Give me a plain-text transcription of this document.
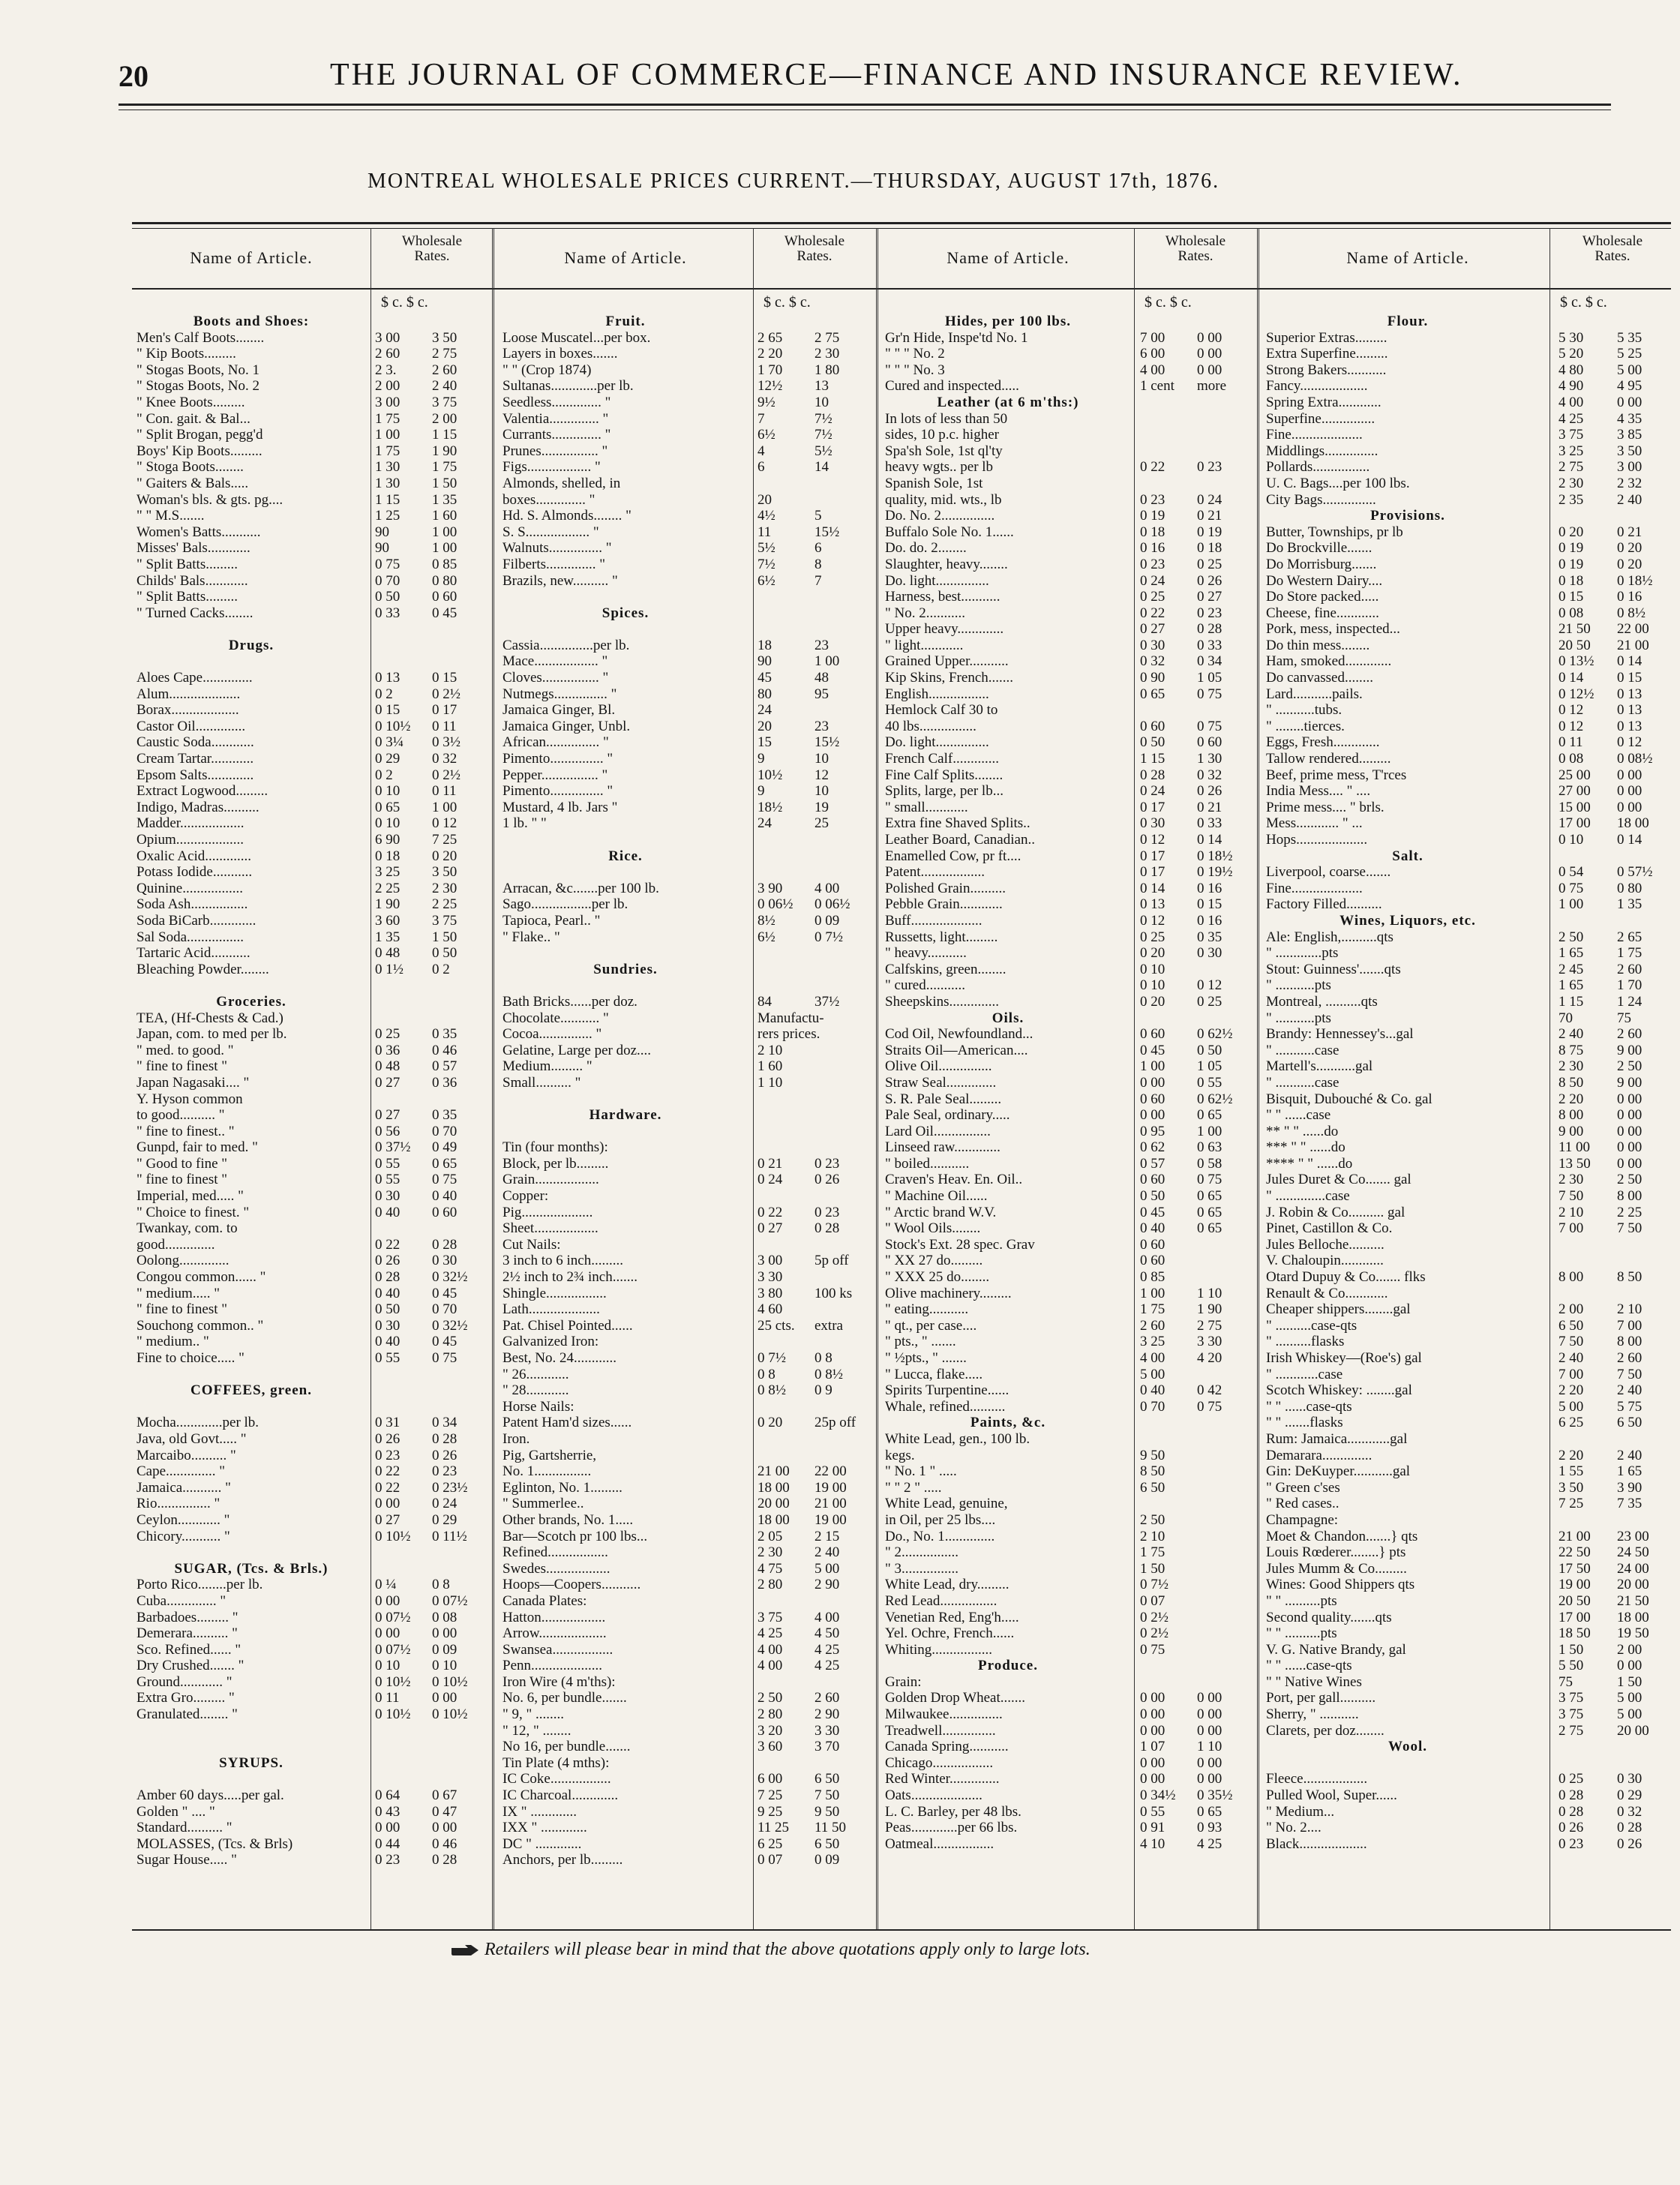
20	THE JOURNAL OF COMMERCE—FINANCE AND INSURANCE REVIEW.
MONTREAL WHOLESALE PRICES CURRENT.—THURSDAY, AUGUST 17th, 1876.
Name of Article.
Wholesale
Rates.
$ c. $ c.
Boots and Shoes:
Men's Calf Boots........	3 00	3 50
" Kip Boots.........	2 60	2 75
" Stogas Boots, No. 1	2 3.	2 60
" Stogas Boots, No. 2	2 00	2 40
" Knee Boots.........	3 00	3 75
" Con. gait. & Bal...	1 75	2 00
" Split Brogan, pegg'd	1 00	1 15
Boys' Kip Boots.........	1 75	1 90
" Stoga Boots........	1 30	1 75
" Gaiters & Bals.....	1 30	1 50
Woman's bls. & gts. pg....	1 15	1 35
" " M.S.......	1 25	1 60
Women's Batts...........	90	1 00
Misses' Bals............	90	1 00
" Split Batts.........	0 75	0 85
Childs' Bals............	0 70	0 80
" Split Batts.........	0 50	0 60
" Turned Cacks........	0 33	0 45
Drugs.
Aloes Cape..............	0 13	0 15
Alum....................	0 2	0 2½
Borax...................	0 15	0 17
Castor Oil..............	0 10½	0 11
Caustic Soda............	0 3¼	0 3½
Cream Tartar............	0 29	0 32
Epsom Salts.............	0 2	0 2½
Extract Logwood.........	0 10	0 11
Indigo, Madras..........	0 65	1 00
Madder..................	0 10	0 12
Opium...................	6 90	7 25
Oxalic Acid.............	0 18	0 20
Potass Iodide...........	3 25	3 50
Quinine.................	2 25	2 30
Soda Ash................	1 90	2 25
Soda BiCarb.............	3 60	3 75
Sal Soda................	1 35	1 50
Tartaric Acid...........	0 48	0 50
Bleaching Powder........	0 1½	0 2
Groceries.
TEA, (Hf-Chests & Cad.)
Japan, com. to med per lb.	0 25	0 35
" med. to good. "	0 36	0 46
" fine to finest "	0 48	0 57
Japan Nagasaki.... "	0 27	0 36
Y. Hyson common
to good.......... "	0 27	0 35
" fine to finest.. "	0 56	0 70
Gunpd, fair to med. "	0 37½	0 49
" Good to fine "	0 55	0 65
" fine to finest "	0 55	0 75
Imperial, med..... "	0 30	0 40
" Choice to finest. "	0 40	0 60
Twankay, com. to
good..............	0 22	0 28
Oolong..............	0 26	0 30
Congou common...... "	0 28	0 32½
" medium..... "	0 40	0 45
" fine to finest "	0 50	0 70
Souchong common.. "	0 30	0 32½
" medium.. "	0 40	0 45
Fine to choice..... "	0 55	0 75
COFFEES, green.
Mocha.............per lb.	0 31	0 34
Java, old Govt..... "	0 26	0 28
Marcaibo.......... "	0 23	0 26
Cape.............. "	0 22	0 23
Jamaica........... "	0 22	0 23½
Rio............... "	0 00	0 24
Ceylon............ "	0 27	0 29
Chicory........... "	0 10½	0 11½
SUGAR, (Tcs. & Brls.)
Porto Rico........per lb.	0 ¼	0 8
Cuba.............. "	0 00	0 07½
Barbadoes......... "	0 07½	0 08
Demerara.......... "	0 00	0 00
Sco. Refined...... "	0 07½	0 09
Dry Crushed....... "	0 10	0 10
Ground............ "	0 10½	0 10½
Extra Gro......... "	0 11	0 00
Granulated........ "	0 10½	0 10½
SYRUPS.
Amber 60 days.....per gal.	0 64	0 67
Golden " .... "	0 43	0 47
Standard.......... "	0 00	0 00
MOLASSES, (Tcs. & Brls)	0 44	0 46
Sugar House..... "	0 23	0 28
Name of Article.
Wholesale
Rates.
$ c. $ c.
Fruit.
Loose Muscatel...per box.	2 65	2 75
Layers in boxes.......	2 20	2 30
" " (Crop 1874)	1 70	1 80
Sultanas.............per lb.	12½	13
Seedless.............. "	9½	10
Valentia.............. "	7	7½
Currants.............. "	6½	7½
Prunes................ "	4	5½
Figs.................. "	6	14
Almonds, shelled, in
boxes.............. "	20
Hd. S. Almonds........ "	4½	5
S. S.................. "	11	15½
Walnuts............... "	5½	6
Filberts.............. "	7½	8
Brazils, new.......... "	6½	7
Spices.
Cassia...............per lb.	18	23
Mace.................. "	90	1 00
Cloves................ "	45	48
Nutmegs............... "	80	95
Jamaica Ginger, Bl.	24
Jamaica Ginger, Unbl.	20	23
African............... "	15	15½
Pimento............... "	9	10
Pepper................ "	10½	12
Pimento............... "	9	10
Mustard, 4 lb. Jars "	18½	19
1 lb. " "	24	25
Rice.
Arracan, &c.......per 100 lb.	3 90	4 00
Sago.................per lb.	0 06½	0 06½
Tapioca, Pearl.. "	8½	0 09
" Flake.. "	6½	0 7½
Sundries.
Bath Bricks......per doz.	84	37½
Chocolate........... "	Manufactu-
Cocoa............... "	rers prices.
Gelatine, Large per doz....	2 10
Medium......... "	1 60
Small.......... "	1 10
Hardware.
Tin (four months):
Block, per lb.........	0 21	0 23
Grain..................	0 24	0 26
Copper:
Pig....................	0 22	0 23
Sheet..................	0 27	0 28
Cut Nails:
3 inch to 6 inch.........	3 00	5p off
2½ inch to 2¾ inch.......	3 30
Shingle.................	3 80	100 ks
Lath....................	4 60
Pat. Chisel Pointed......	25 cts.	extra
Galvanized Iron:
Best, No. 24............	0 7½	0 8
" 26............	0 8	0 8½
" 28............	0 8½	0 9
Horse Nails:
Patent Ham'd sizes......	0 20	25p off
Iron.
Pig, Gartsherrie,
No. 1................	21 00	22 00
Eglinton, No. 1.........	18 00	19 00
" Summerlee..	20 00	21 00
Other brands, No. 1.....	18 00	19 00
Bar—Scotch pr 100 lbs...	2 05	2 15
Refined.................	2 30	2 40
Swedes..................	4 75	5 00
Hoops—Coopers...........	2 80	2 90
Canada Plates:
Hatton..................	3 75	4 00
Arrow...................	4 25	4 50
Swansea.................	4 00	4 25
Penn....................	4 00	4 25
Iron Wire (4 m'ths):
No. 6, per bundle.......	2 50	2 60
" 9, " ........	2 80	2 90
" 12, " ........	3 20	3 30
No 16, per bundle.......	3 60	3 70
Tin Plate (4 mths):
IC Coke.................	6 00	6 50
IC Charcoal.............	7 25	7 50
IX " .............	9 25	9 50
IXX " .............	11 25	11 50
DC " .............	6 25	6 50
Anchors, per lb.........	0 07	0 09
Name of Article.
Wholesale
Rates.
$ c. $ c.
Hides, per 100 lbs.
Gr'n Hide, Inspe'td No. 1	7 00	0 00
" " " No. 2	6 00	0 00
" " " No. 3	4 00	0 00
Cured and inspected.....	1 cent	more
Leather (at 6 m'ths:)
In lots of less than 50
sides, 10 p.c. higher
Spa'sh Sole, 1st ql'ty
heavy wgts.. per lb	0 22	0 23
Spanish Sole, 1st
quality, mid. wts., lb	0 23	0 24
Do. No. 2...............	0 19	0 21
Buffalo Sole No. 1......	0 18	0 19
Do. do. 2........	0 16	0 18
Slaughter, heavy........	0 23	0 25
Do. light...............	0 24	0 26
Harness, best...........	0 25	0 27
" No. 2...........	0 22	0 23
Upper heavy.............	0 27	0 28
" light............	0 30	0 33
Grained Upper...........	0 32	0 34
Kip Skins, French.......	0 90	1 05
English.................	0 65	0 75
Hemlock Calf 30 to
40 lbs................	0 60	0 75
Do. light...............	0 50	0 60
French Calf.............	1 15	1 30
Fine Calf Splits........	0 28	0 32
Splits, large, per lb...	0 24	0 26
" small............	0 17	0 21
Extra fine Shaved Splits..	0 30	0 33
Leather Board, Canadian..	0 12	0 14
Enamelled Cow, pr ft....	0 17	0 18½
Patent..................	0 17	0 19½
Polished Grain..........	0 14	0 16
Pebble Grain............	0 13	0 15
Buff....................	0 12	0 16
Russetts, light.........	0 25	0 35
" heavy...........	0 20	0 30
Calfskins, green........	0 10
" cured...........	0 10	0 12
Sheepskins..............	0 20	0 25
Oils.
Cod Oil, Newfoundland...	0 60	0 62½
Straits Oil—American....	0 45	0 50
Olive Oil...............	1 00	1 05
Straw Seal..............	0 00	0 55
S. R. Pale Seal.........	0 60	0 62½
Pale Seal, ordinary.....	0 00	0 65
Lard Oil................	0 95	1 00
Linseed raw.............	0 62	0 63
" boiled...........	0 57	0 58
Craven's Heav. En. Oil..	0 60	0 75
" Machine Oil......	0 50	0 65
" Arctic brand W.V.	0 45	0 65
" Wool Oils........	0 40	0 65
Stock's Ext. 28 spec. Grav	0 60
" XX 27 do.........	0 60
" XXX 25 do........	0 85
Olive machinery.........	1 00	1 10
" eating...........	1 75	1 90
" qt., per case....	2 60	2 75
" pts., " .......	3 25	3 30
" ½pts., " .......	4 00	4 20
" Lucca, flake.....	5 00
Spirits Turpentine......	0 40	0 42
Whale, refined..........	0 70	0 75
Paints, &c.
White Lead, gen., 100 lb.
kegs.	9 50
" No. 1 " .....	8 50
" " 2 " .....	6 50
White Lead, genuine,
in Oil, per 25 lbs....	2 50
Do., No. 1..............	2 10
" 2................	1 75
" 3................	1 50
White Lead, dry.........	0 7½
Red Lead................	0 07
Venetian Red, Eng'h.....	0 2½
Yel. Ochre, French......	0 2½
Whiting.................	0 75
Produce.
Grain:
Golden Drop Wheat.......	0 00	0 00
Milwaukee...............	0 00	0 00
Treadwell...............	0 00	0 00
Canada Spring...........	1 07	1 10
Chicago.................	0 00	0 00
Red Winter..............	0 00	0 00
Oats....................	0 34½	0 35½
L. C. Barley, per 48 lbs.	0 55	0 65
Peas.............per 66 lbs.	0 91	0 93
Oatmeal.................	4 10	4 25
Name of Article.
Wholesale
Rates.
$ c. $ c.
Flour.
Superior Extras.........	5 30	5 35
Extra Superfine.........	5 20	5 25
Strong Bakers...........	4 80	5 00
Fancy...................	4 90	4 95
Spring Extra............	4 00	0 00
Superfine...............	4 25	4 35
Fine....................	3 75	3 85
Middlings...............	3 25	3 50
Pollards................	2 75	3 00
U. C. Bags....per 100 lbs.	2 30	2 32
City Bags...............	2 35	2 40
Provisions.
Butter, Townships, pr lb	0 20	0 21
Do Brockville.......	0 19	0 20
Do Morrisburg.......	0 19	0 20
Do Western Dairy....	0 18	0 18½
Do Store packed.....	0 15	0 16
Cheese, fine............	0 08	0 8½
Pork, mess, inspected...	21 50	22 00
Do thin mess........	20 50	21 00
Ham, smoked.............	0 13½	0 14
Do canvassed........	0 14	0 15
Lard...........pails.	0 12½	0 13
" ...........tubs.	0 12	0 13
" ........tierces.	0 12	0 13
Eggs, Fresh.............	0 11	0 12
Tallow rendered.........	0 08	0 08½
Beef, prime mess, T'rces	25 00	0 00
India Mess.... " ....	27 00	0 00
Prime mess.... " brls.	15 00	0 00
Mess............ " ...	17 00	18 00
Hops....................	0 10	0 14
Salt.
Liverpool, coarse.......	0 54	0 57½
Fine....................	0 75	0 80
Factory Filled..........	1 00	1 35
Wines, Liquors, etc.
Ale: English,..........qts	2 50	2 65
" .............pts	1 65	1 75
Stout: Guinness'.......qts	2 45	2 60
" ...........pts	1 65	1 70
Montreal, ..........qts	1 15	1 24
" ...........pts	70	75
Brandy: Hennessey's...gal	2 40	2 60
" ...........case	8 75	9 00
Martell's...........gal	2 30	2 50
" ...........case	8 50	9 00
Bisquit, Dubouché & Co. gal	2 20	0 00
" " ......case	8 00	0 00
** " " ......do	9 00	0 00
*** " " ......do	11 00	0 00
**** " " ......do	13 50	0 00
Jules Duret & Co....... gal	2 30	2 50
" ..............case	7 50	8 00
J. Robin & Co.......... gal	2 10	2 25
Pinet, Castillon & Co.	7 00	7 50
Jules Belloche..........
V. Chaloupin............
Otard Dupuy & Co....... flks	8 00	8 50
Renault & Co............
Cheaper shippers........gal	2 00	2 10
" ..........case-qts	6 50	7 00
" ..........flasks	7 50	8 00
Irish Whiskey—(Roe's) gal	2 40	2 60
" ............case	7 00	7 50
Scotch Whiskey: ........gal	2 20	2 40
" " ......case-qts	5 00	5 75
" " .......flasks	6 25	6 50
Rum: Jamaica............gal
Demarara..............	2 20	2 40
Gin: DeKuyper...........gal	1 55	1 65
" Green c'ses	3 50	3 90
" Red cases..	7 25	7 35
Champagne:
Moet & Chandon.......} qts	21 00	23 00
Louis Rœderer........} pts	22 50	24 50
Jules Mumm & Co.........	17 50	24 00
Wines: Good Shippers qts	19 00	20 00
" " ..........pts	20 50	21 50
Second quality.......qts	17 00	18 00
" " ..........pts	18 50	19 50
V. G. Native Brandy, gal	1 50	2 00
" " ......case-qts	5 50	0 00
" " Native Wines	75	1 50
Port, per gall..........	3 75	5 00
Sherry, " ...........	3 75	5 00
Clarets, per doz........	2 75	20 00
Wool.
Fleece..................	0 25	0 30
Pulled Wool, Super......	0 28	0 29
" Medium...	0 28	0 32
" No. 2....	0 26	0 28
Black...................	0 23	0 26
Retailers will please bear in mind that the above quotations apply only to large lots.
